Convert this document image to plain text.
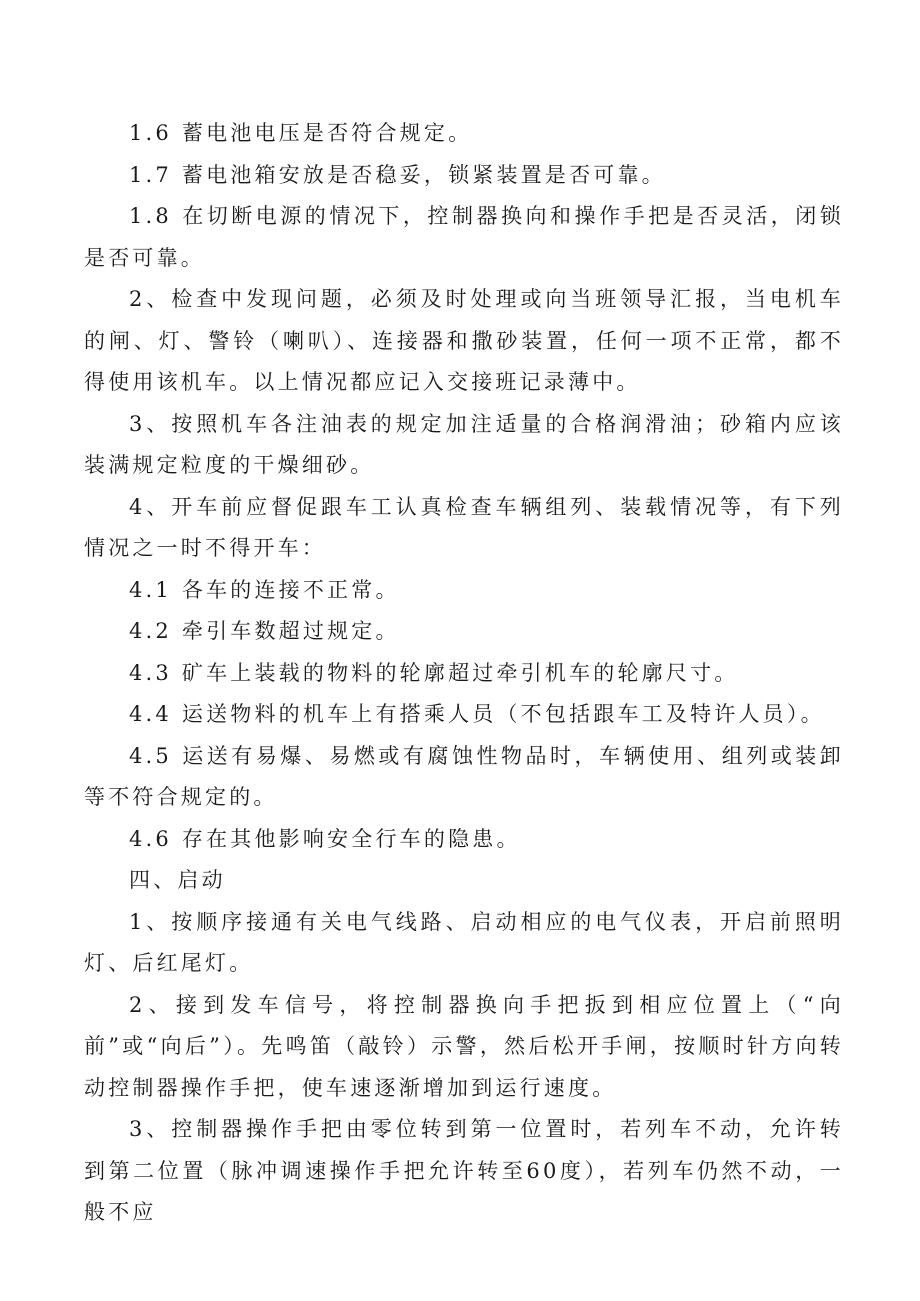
1.6 蓄电池电压是否符合规定。

1.7 蓄电池箱安放是否稳妥，锁紧装置是否可靠。

1.8 在切断电源的情况下，控制器换向和操作手把是否灵活，闭锁是否可靠。

2、检查中发现问题，必须及时处理或向当班领导汇报，当电机车的闸、灯、警铃（喇叭）、连接器和撒砂装置，任何一项不正常，都不得使用该机车。以上情况都应记入交接班记录薄中。

3、按照机车各注油表的规定加注适量的合格润滑油；砂箱内应该装满规定粒度的干燥细砂。

4、开车前应督促跟车工认真检查车辆组列、装载情况等，有下列情况之一时不得开车：

4.1 各车的连接不正常。

4.2 牵引车数超过规定。

4.3 矿车上装载的物料的轮廓超过牵引机车的轮廓尺寸。

4.4 运送物料的机车上有搭乘人员（不包括跟车工及特许人员）。

4.5 运送有易爆、易燃或有腐蚀性物品时，车辆使用、组列或装卸等不符合规定的。

4.6 存在其他影响安全行车的隐患。

四、启动

1、按顺序接通有关电气线路、启动相应的电气仪表，开启前照明灯、后红尾灯。

2、接到发车信号，将控制器换向手把扳到相应位置上（“向前”或“向后”）。先鸣笛（敲铃）示警，然后松开手闸，按顺时针方向转动控制器操作手把，使车速逐渐增加到运行速度。

3、控制器操作手把由零位转到第一位置时，若列车不动，允许转到第二位置（脉冲调速操作手把允许转至60度），若列车仍然不动，一般不应
